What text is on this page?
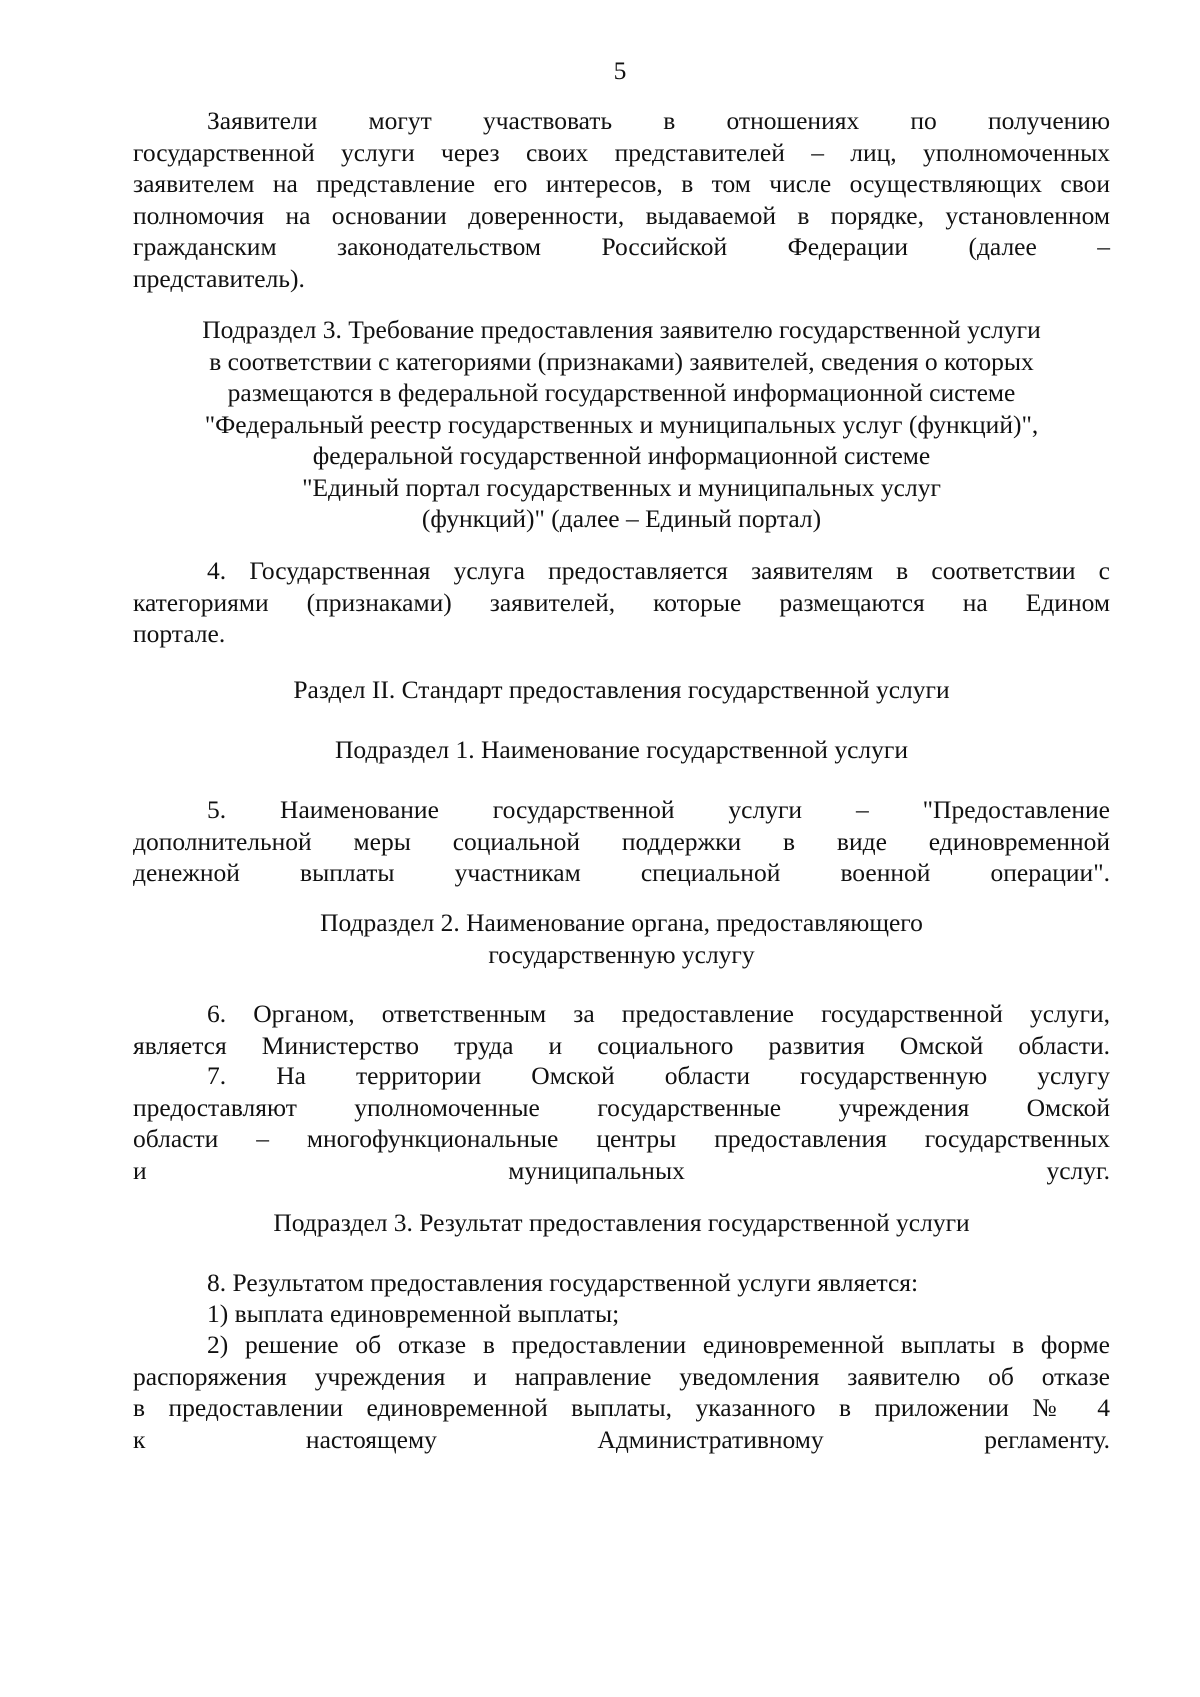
5
Заявители могут участвовать в отношениях по получению
государственной услуги через своих представителей – лиц, уполномоченных
заявителем на представление его интересов, в том числе осуществляющих свои
полномочия на основании доверенности, выдаваемой в порядке, установленном
гражданским законодательством Российской Федерации (далее –
представитель).
Подраздел 3. Требование предоставления заявителю государственной услуги
в соответствии с категориями (признаками) заявителей, сведения о которых
размещаются в федеральной государственной информационной системе
"Федеральный реестр государственных и муниципальных услуг (функций)",
федеральной государственной информационной системе
"Единый портал государственных и муниципальных услуг
(функций)" (далее – Единый портал)
4. Государственная услуга предоставляется заявителям в соответствии с
категориями (признаками) заявителей, которые размещаются на Едином
портале.
Раздел II. Стандарт предоставления государственной услуги
Подраздел 1. Наименование государственной услуги
5. Наименование государственной услуги – "Предоставление
дополнительной меры социальной поддержки в виде единовременной
денежной выплаты участникам специальной военной операции".
Подраздел 2. Наименование органа, предоставляющего
государственную услугу
6. Органом, ответственным за предоставление государственной услуги,
является Министерство труда и социального развития Омской области.
7. На территории Омской области государственную услугу
предоставляют уполномоченные государственные учреждения Омской
области – многофункциональные центры предоставления государственных
и муниципальных услуг.
Подраздел 3. Результат предоставления государственной услуги
8. Результатом предоставления государственной услуги является:
1) выплата единовременной выплаты;
2) решение об отказе в предоставлении единовременной выплаты в форме
распоряжения учреждения и направление уведомления заявителю об отказе
в предоставлении единовременной выплаты, указанного в приложении № 4
к настоящему Административному регламенту.
